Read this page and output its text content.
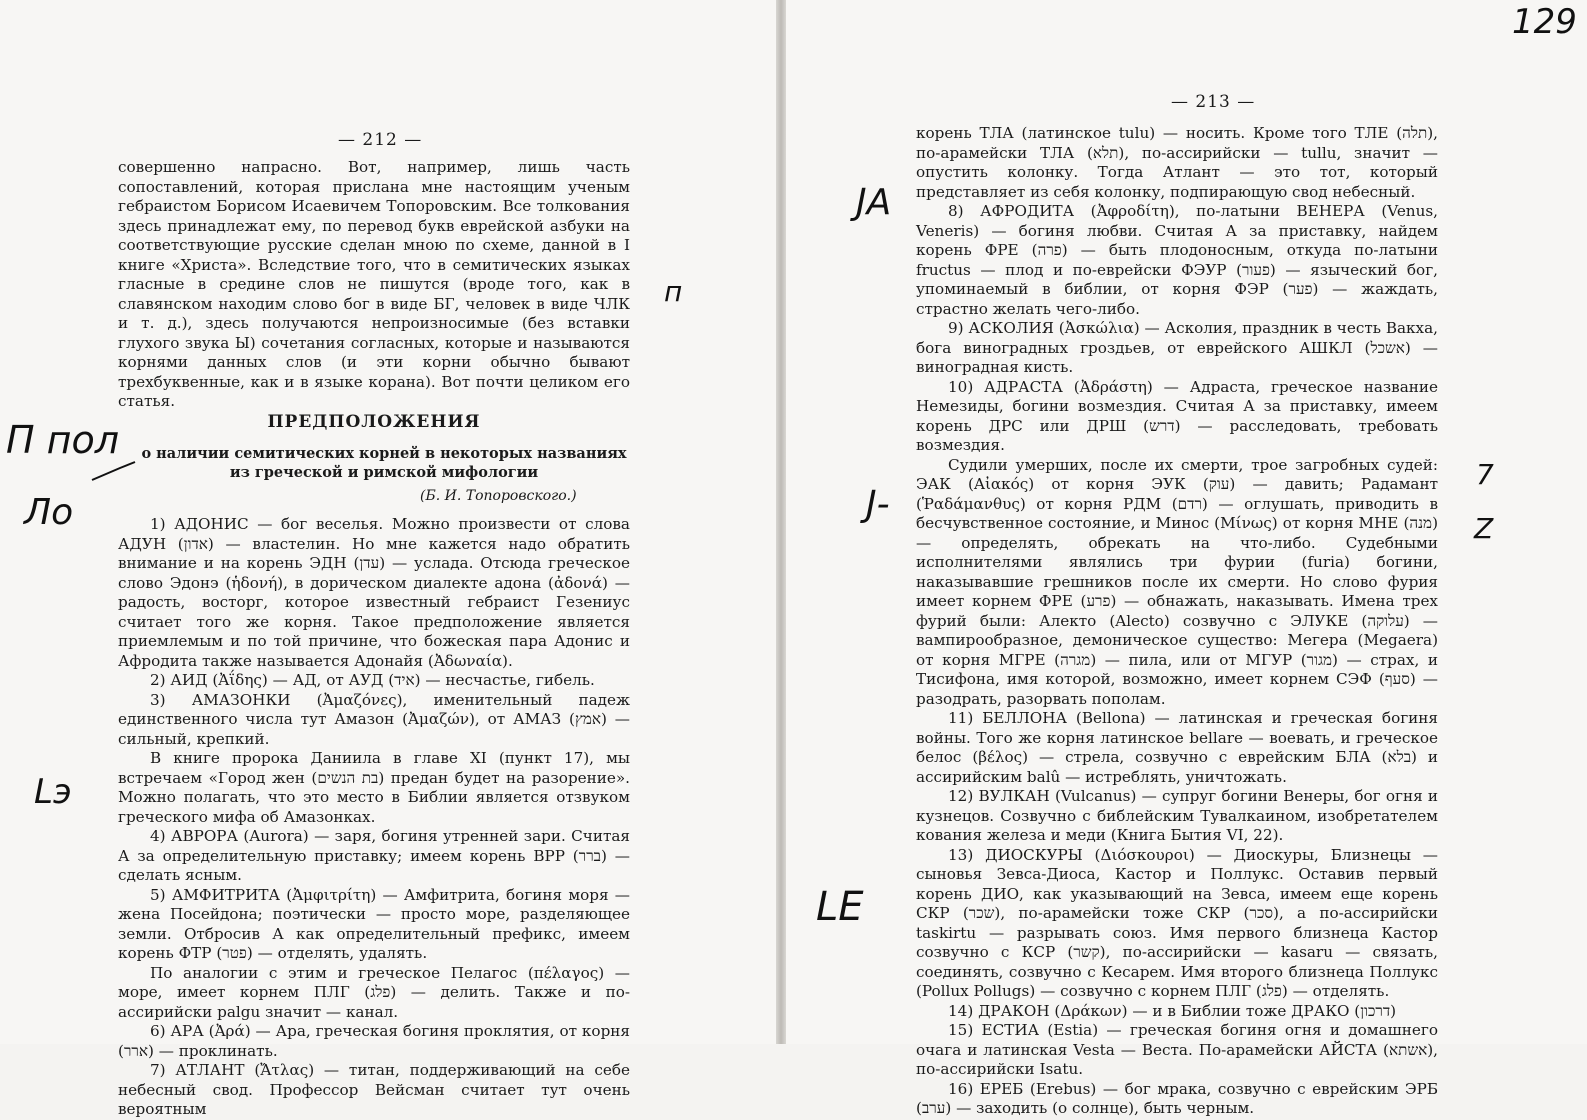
— 212 —

совершенно напрасно. Вот, например, лишь часть сопоставлений, которая прислана мне настоящим ученым гебраистом Борисом Исаевичем Топоровским. Все толкования здесь принадлежат ему, по перевод букв еврейской азбуки на соответствующие русские сделан мною по схеме, данной в I книге «Христа». Вследствие того, что в семитических языках гласные в средине слов не пишутся (вроде того, как в славянском находим слово бог в виде БГ, человек в виде ЧЛК и т. д.), здесь получаются непроизносимые (без вставки глухого звука Ы) сочетания согласных, которые и называются корнями данных слов (и эти корни обычно бывают трехбуквенные, как и в языке корана). Вот почти целиком его статья.

ПРЕДПОЛОЖЕНИЯ
о наличии семитических корней в некоторых названиях из греческой и римской мифологии
(Б. И. Топоровского.)

1) АДОНИС — бог веселья. Можно произвести от слова АДУН (אדון) — властелин. Но мне кажется надо обратить внимание и на корень ЭДН (עדן) — услада. Отсюда греческое слово Эдонэ (ἡδονή), в дорическом диалекте адона (ἀδονά) — радость, восторг, которое известный гебраист Гезениус считает того же корня. Такое предположение является приемлемым и по той причине, что божеская пара Адонис и Афродита также называется Адонайя (Ἀδωναία).

2) АИД (Ἀΐδης) — АД, от АУД (איד) — несчастье, гибель.

3) АМАЗОНКИ (Ἀμαζόνες), именительный падеж единственного числа тут Амазон (Ἀμαζών), от АМАЗ (אמץ) — сильный, крепкий.

В книге пророка Даниила в главе XI (пункт 17), мы встречаем «Город жен (בת הנשים) предан будет на разорение». Можно полагать, что это место в Библии является отзвуком греческого мифа об Амазонках.

4) АВРОРА (Aurora) — заря, богиня утренней зари. Считая А за определительную приставку; имеем корень ВРР (ברר) — сделать ясным.

5) АМФИТРИТА (Ἀμφιτρίτη) — Амфитрита, богиня моря — жена Посейдона; поэтически — просто море, разделяющее земли. Отбросив А как определительный префикс, имеем корень ФТР (פטר) — отделять, удалять.

По аналогии с этим и греческое Пелагос (πέλαγος) — море, имеет корнем ПЛГ (פלג) — делить. Также и по-ассирийски palgu значит — канал.

6) АРА (Ἀρά) — Ара, греческая богиня проклятия, от корня (ארר) — проклинать.

7) АТЛАНТ (Ἄτλας) — титан, поддерживающий на себе небесный свод. Профессор Вейсман считает тут очень вероятным

П пол
Ло
Lэ
п
— 213 —

корень ТЛА (латинское tulu) — носить. Кроме того ТЛЕ (תלה), по-арамейски ТЛА (תלא), по-ассирийски — tullu, значит — опустить колонку. Тогда Атлант — это тот, который представляет из себя колонку, подпирающую свод небесный.

8) АФРОДИТА (Ἀφροδίτη), по-латыни ВЕНЕРА (Venus, Veneris) — богиня любви. Считая А за приставку, найдем корень ФРЕ (פרה) — быть плодоносным, откуда по-латыни fructus — плод и по-еврейски ФЭУР (פעור) — языческий бог, упоминаемый в библии, от корня ФЭР (פער) — жаждать, страстно желать чего-либо.

9) АСКОЛИЯ (Ἀσκώλια) — Асколия, праздник в честь Вакха, бога виноградных гроздьев, от еврейского АШКЛ (אשכל) — виноградная кисть.

10) АДРАСТА (Ἀδράστη) — Адраста, греческое название Немезиды, богини возмездия. Считая А за приставку, имеем корень ДРС или ДРШ (דרש) — расследовать, требовать возмездия.

Судили умерших, после их смерти, трое загробных судей: ЭАК (Αἰακός) от корня ЭУК (עוק) — давить; Радамант (Ῥαδάμανθυς) от корня РДМ (רדם) — оглушать, приводить в бесчувственное состояние, и Минос (Μίνως) от корня МНЕ (מנה) — определять, обрекать на что-либо. Судебными исполнителями являлись три фурии (furia) богини, наказывавшие грешников после их смерти. Но слово фурия имеет корнем ФРЕ (פרע) — обнажать, наказывать. Имена трех фурий были: Алекто (Alecto) созвучно с ЭЛУКЕ (עלוקה) — вампирообразное, демоническое существо: Мегера (Megaera) от корня МГРЕ (מגרה) — пила, или от МГУР (מגור) — страх, и Тисифона, имя которой, возможно, имеет корнем СЭФ (סעף) — разодрать, разорвать пополам.

11) БЕЛЛОНА (Bellona) — латинская и греческая богиня войны. Того же корня латинское bellare — воевать, и греческое белос (βέλος) — стрела, созвучно с еврейским БЛА (בלא) и ассирийским balû — истреблять, уничтожать.

12) ВУЛКАН (Vulcanus) — супруг богини Венеры, бог огня и кузнецов. Созвучно с библейским Тувалкаином, изобретателем кования железа и меди (Книга Бытия VI, 22).

13) ДИОСКУРЫ (Διόσκουροι) — Диоскуры, Близнецы — сыновья Зевса-Диоса, Кастор и Поллукс. Оставив первый корень ДИО, как указывающий на Зевса, имеем еще корень СКР (שכר), по-арамейски тоже СКР (סכר), а по-ассирийски taskirtu — разрывать союз. Имя первого близнеца Кастор созвучно с КСР (קשר), по-ассирийски — kasaru — связать, соединять, созвучно с Кесарем. Имя второго близнеца Поллукс (Pollux Pollugs) — созвучно с корнем ПЛГ (פלג) — отделять.

14) ДРАКОН (Δράκων) — и в Библии тоже ДРАКО (דרכון)

15) ЕСТИА (Estia) — греческая богиня огня и домашнего очага и латинская Vesta — Веста. По-арамейски АЙСТА (אשתא), по-ассирийски Isatu.

16) ЕРЕБ (Erebus) — бог мрака, созвучно с еврейским ЭРБ (ערב) — заходить (о солнце), быть черным.

129
ЈА
Ј-
LЕ
7
Z
